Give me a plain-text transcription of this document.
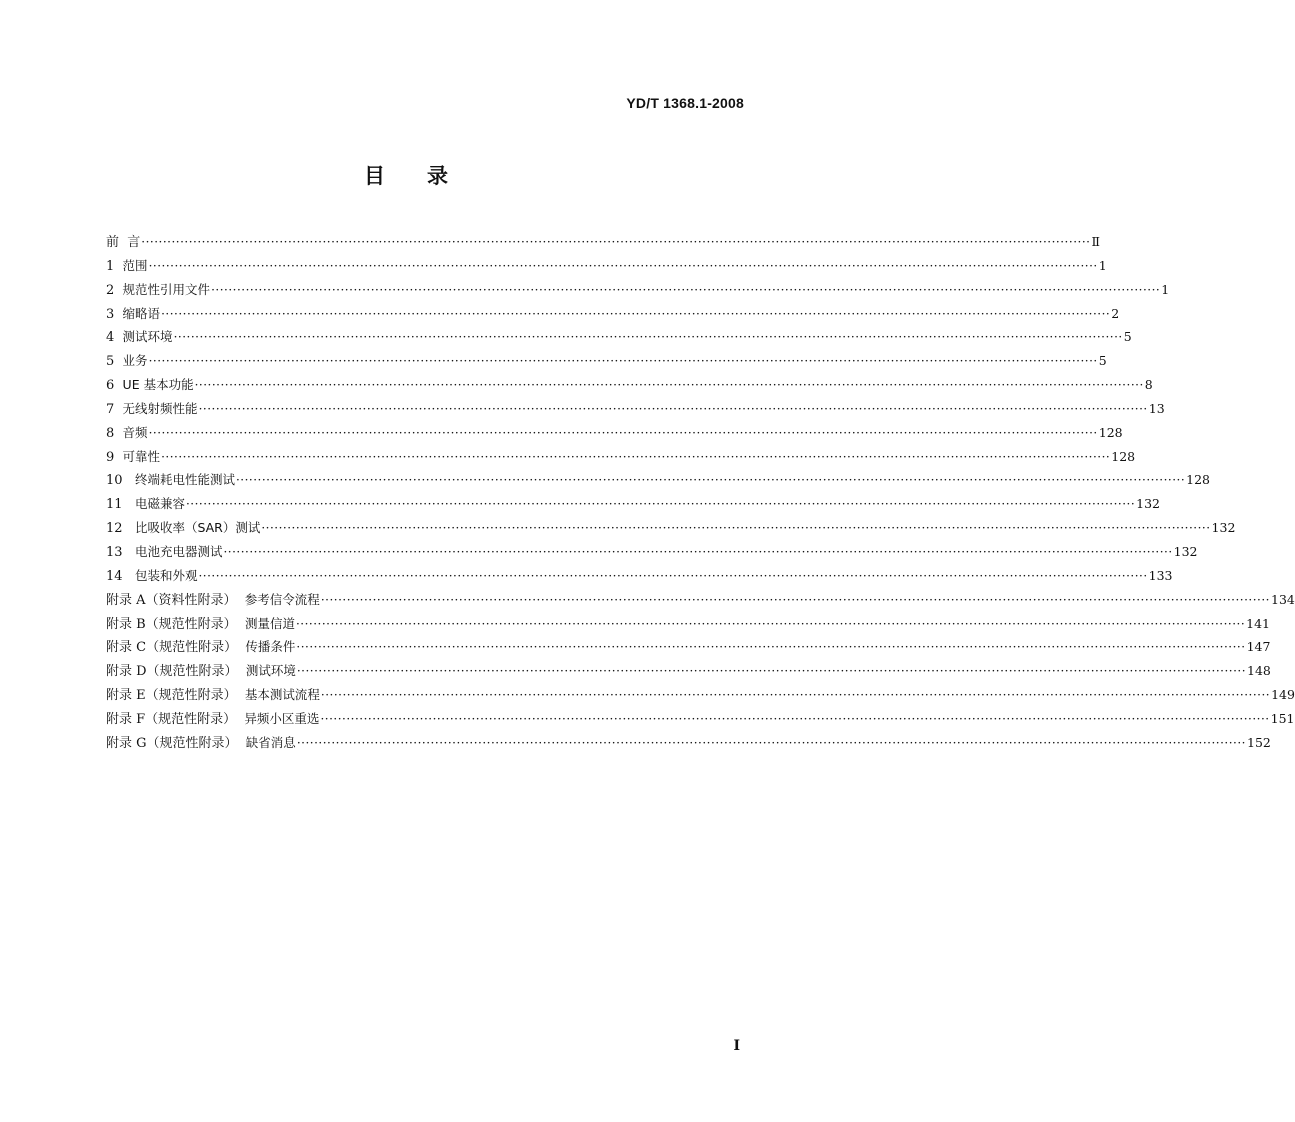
YD/T 1368.1-2008
目 录
前  言 ···························································································································································································································· Ⅱ
1 范围 ···························································································································································································································· 1
2 规范性引用文件 ···························································································································································································································· 1
3 缩略语 ···························································································································································································································· 2
4 测试环境 ···························································································································································································································· 5
5 业务 ···························································································································································································································· 5
6 UE 基本功能 ···························································································································································································································· 8
7 无线射频性能 ···························································································································································································································· 13
8 音频 ···························································································································································································································· 128
9 可靠性 ···························································································································································································································· 128
10 终端耗电性能测试 ···························································································································································································································· 128
11 电磁兼容 ···························································································································································································································· 132
12 比吸收率（SAR）测试 ···························································································································································································································· 132
13 电池充电器测试 ···························································································································································································································· 132
14 包装和外观 ···························································································································································································································· 133
附录 A（资料性附录） 参考信令流程 ···························································································································································································································· 134
附录 B（规范性附录） 测量信道 ···························································································································································································································· 141
附录 C（规范性附录） 传播条件 ···························································································································································································································· 147
附录 D（规范性附录） 测试环境 ···························································································································································································································· 148
附录 E（规范性附录） 基本测试流程 ···························································································································································································································· 149
附录 F（规范性附录） 异频小区重选 ···························································································································································································································· 151
附录 G（规范性附录） 缺省消息 ···························································································································································································································· 152
I
